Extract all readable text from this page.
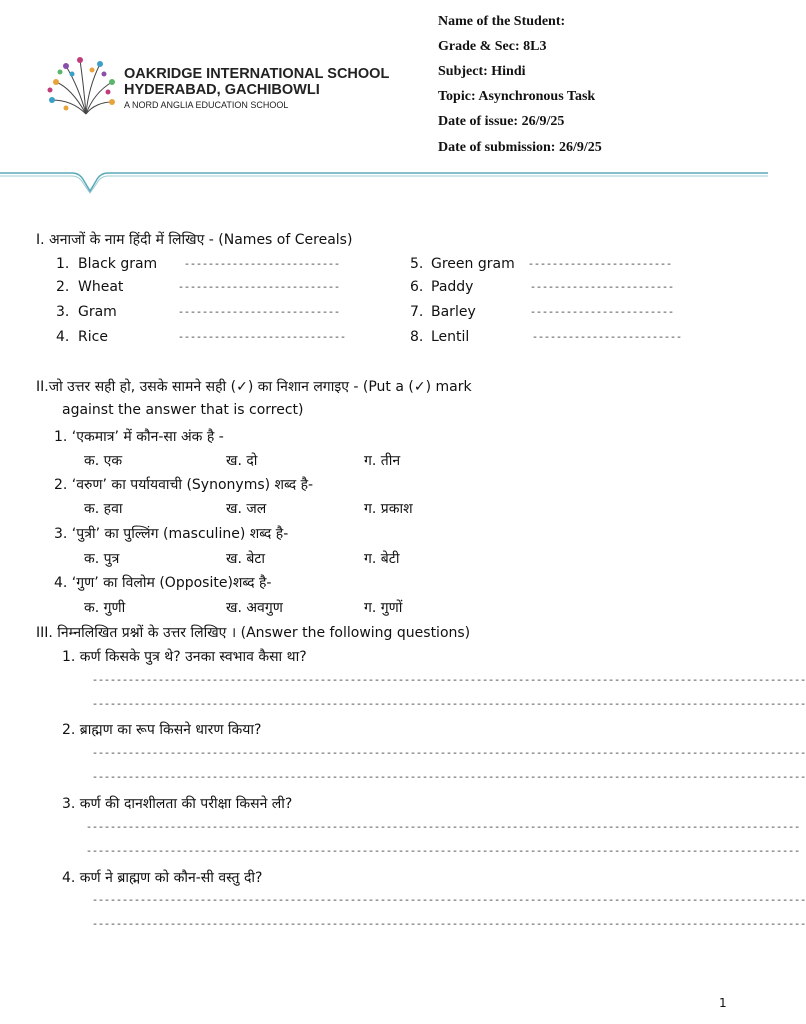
OAKRIDGE INTERNATIONAL SCHOOL
HYDERABAD, GACHIBOWLI
A NORD ANGLIA EDUCATION SCHOOL
Name of the Student:
Grade & Sec: 8L3
Subject: Hindi
Topic: Asynchronous Task
Date of issue: 26/9/25
Date of submission: 26/9/25
I. अनाजों के नाम हिंदी में लिखिए - (Names of Cereals)
1. Black gram	--------------------------
2. Wheat	---------------------------
3. Gram	---------------------------
4. Rice	----------------------------
5. Green gram ------------------------
6. Paddy	------------------------
7. Barley	------------------------
8. Lentil	-------------------------
II.जो उत्तर सही हो, उसके सामने सही (✓) का निशान लगाइए - (Put a (✓) mark
against the answer that is correct)
1. ‘एकमात्र’ में कौन-सा अंक है -
क. एक	ख. दो	ग. तीन
2. ‘वरुण’ का पर्यायवाची (Synonyms) शब्द है-
क. हवा	ख. जल	ग. प्रकाश
3. ‘पुत्री’ का पुल्लिंग (masculine) शब्द है-
क. पुत्र	ख. बेटा	ग. बेटी
4. ‘गुण’ का विलोम (Opposite)शब्द है-
क. गुणी	ख. अवगुण	ग. गुणों
III. निम्नलिखित प्रश्नों के उत्तर लिखिए । (Answer the following questions)
1. कर्ण किसके पुत्र थे? उनका स्वभाव कैसा था?
-----------------------------------------------------------------------------------------------------------------------
-----------------------------------------------------------------------------------------------------------------------
2. ब्राह्मण का रूप किसने धारण किया?
-----------------------------------------------------------------------------------------------------------------------
-----------------------------------------------------------------------------------------------------------------------
3. कर्ण की दानशीलता की परीक्षा किसने ली?
-----------------------------------------------------------------------------------------------------------------------
-----------------------------------------------------------------------------------------------------------------------
4. कर्ण ने ब्राह्मण को कौन-सी वस्तु दी?
-----------------------------------------------------------------------------------------------------------------------
-----------------------------------------------------------------------------------------------------------------------
1
